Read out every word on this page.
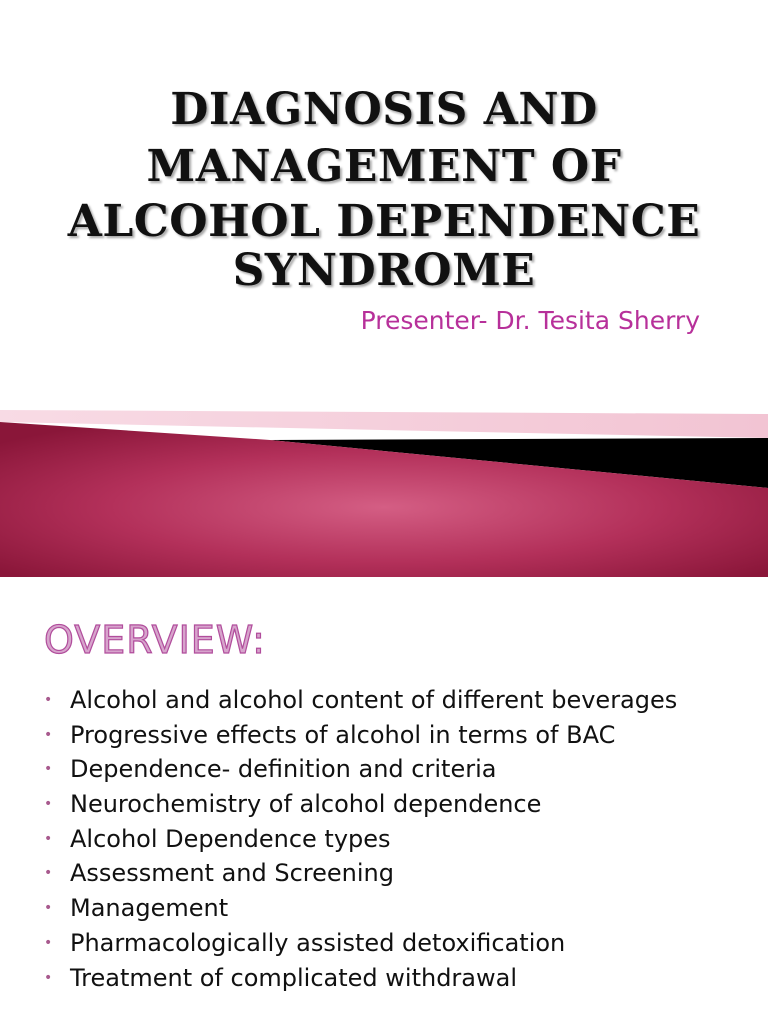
DIAGNOSIS AND
MANAGEMENT OF
ALCOHOL DEPENDENCE
SYNDROME
Presenter- Dr. Tesita Sherry
OVERVIEW:
• Alcohol and alcohol content of different beverages
• Progressive effects of alcohol in terms of BAC
• Dependence- definition and criteria
• Neurochemistry of alcohol dependence
• Alcohol Dependence types
• Assessment and Screening
• Management
• Pharmacologically assisted detoxification
• Treatment of complicated withdrawal
